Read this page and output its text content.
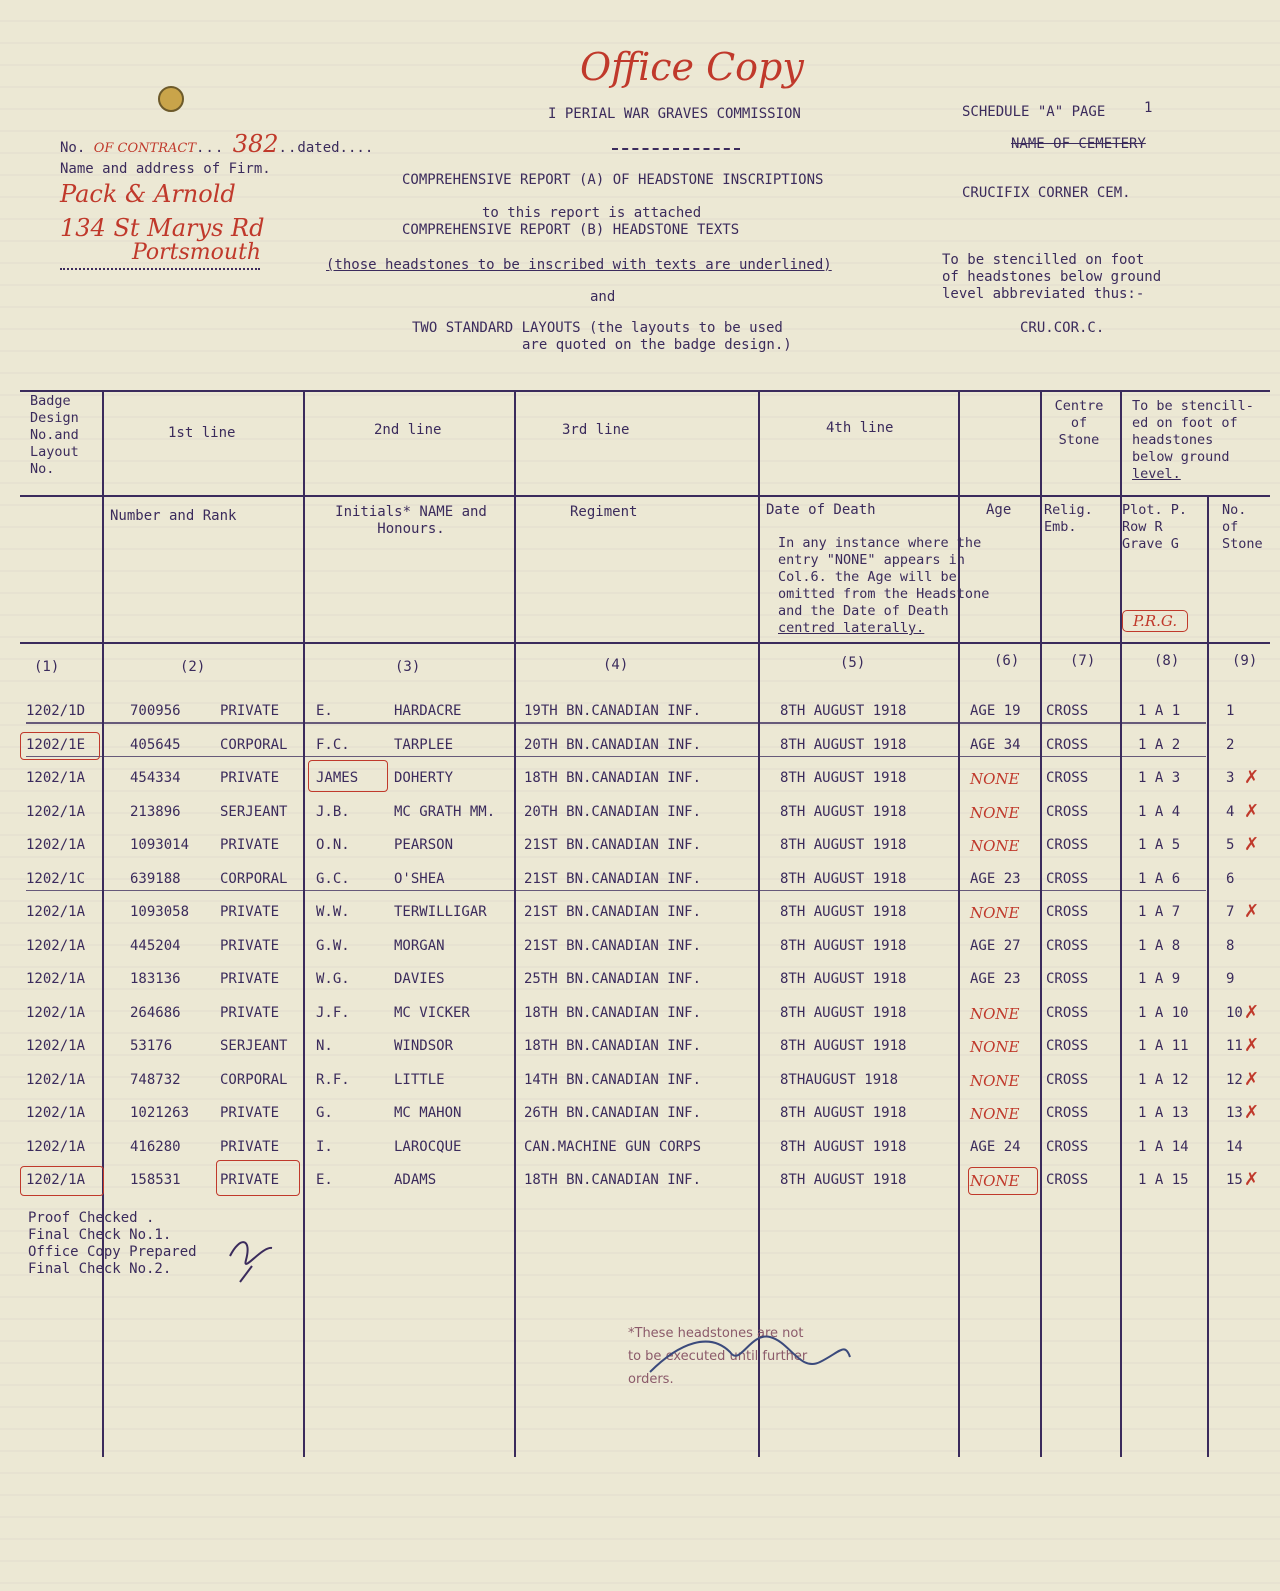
Office Copy
I PERIAL WAR GRAVES COMMISSION	SCHEDULE "A" PAGE	1
NAME OF CEMETERY
CRUCIFIX CORNER CEM.
No. OF CONTRACT... 382..dated....
Name and address of Firm.
Pack & Arnold
134 St Marys Rd
Portsmouth
COMPREHENSIVE REPORT (A) OF HEADSTONE INSCRIPTIONS
to this report is attached
COMPREHENSIVE REPORT (B) HEADSTONE TEXTS
(those headstones to be inscribed with texts are underlined)
and
TWO STANDARD LAYOUTS (the layouts to be used
are quoted on the badge design.)
To be stencilled on foot
of headstones below ground
level abbreviated thus:-
CRU.COR.C.
Badge
Design
No.and
Layout
No.
1st line	2nd line	3rd line	4th line
Centre
of
Stone
To be stencill-
ed on foot of
headstones
below ground
level.
Number and Rank	Initials* NAME and
Honours.
Regiment	Date of Death
In any instance where the
entry "NONE" appears in
Col.6. the Age will be
omitted from the Headstone
and the Date of Death
centred laterally.
Age Relig.
Emb.
Plot. P.
Row R
Grave G
No.
of
Stone
P.R.G.
(1)	(2)	(3)	(4)	(5)	(6)	(7)	(8)	(9)
1202/1D	700956	PRIVATE	E.	HARDACRE	19TH BN.CANADIAN INF.	8TH AUGUST 1918	AGE 19 CROSS	1 A 1	1
1202/1E	405645	CORPORAL F.C.	TARPLEE	20TH BN.CANADIAN INF.	8TH AUGUST 1918	AGE 34 CROSS	1 A 2	2
1202/1A	454334	PRIVATE	JAMES	DOHERTY	18TH BN.CANADIAN INF.	8TH AUGUST 1918	NONE CROSS	1 A 3	3 ✗
1202/1A	213896	SERJEANT J.B.	MC GRATH MM. 20TH BN.CANADIAN INF.	8TH AUGUST 1918	NONE CROSS	1 A 4	4 ✗
1202/1A	1093014 PRIVATE	O.N.	PEARSON	21ST BN.CANADIAN INF.	8TH AUGUST 1918	NONE CROSS	1 A 5	5 ✗
1202/1C	639188	CORPORAL G.C.	O'SHEA	21ST BN.CANADIAN INF.	8TH AUGUST 1918	AGE 23 CROSS	1 A 6	6
1202/1A	1093058 PRIVATE	W.W.	TERWILLIGAR	21ST BN.CANADIAN INF.	8TH AUGUST 1918	NONE CROSS	1 A 7	7 ✗
1202/1A	445204	PRIVATE	G.W.	MORGAN	21ST BN.CANADIAN INF.	8TH AUGUST 1918	AGE 27 CROSS	1 A 8	8
1202/1A	183136	PRIVATE	W.G.	DAVIES	25TH BN.CANADIAN INF.	8TH AUGUST 1918	AGE 23 CROSS	1 A 9	9
1202/1A	264686	PRIVATE	J.F.	MC VICKER	18TH BN.CANADIAN INF.	8TH AUGUST 1918	NONE CROSS	1 A 10	10 ✗
1202/1A	53176	SERJEANT N.	WINDSOR	18TH BN.CANADIAN INF.	8TH AUGUST 1918	NONE CROSS	1 A 11	11 ✗
1202/1A	748732	CORPORAL R.F.	LITTLE	14TH BN.CANADIAN INF.	8THAUGUST 1918	NONE CROSS	1 A 12	12 ✗
1202/1A	1021263 PRIVATE	G.	MC MAHON	26TH BN.CANADIAN INF.	8TH AUGUST 1918	NONE CROSS	1 A 13	13 ✗
1202/1A	416280	PRIVATE	I.	LAROCQUE	CAN.MACHINE GUN CORPS	8TH AUGUST 1918	AGE 24 CROSS	1 A 14	14
1202/1A	158531	PRIVATE	E.	ADAMS	18TH BN.CANADIAN INF.	8TH AUGUST 1918	NONE CROSS	1 A 15	15 ✗
Proof Checked .
Final Check No.1.
Office Copy Prepared
Final Check No.2.
*These headstones are not
to be executed until further
orders.
